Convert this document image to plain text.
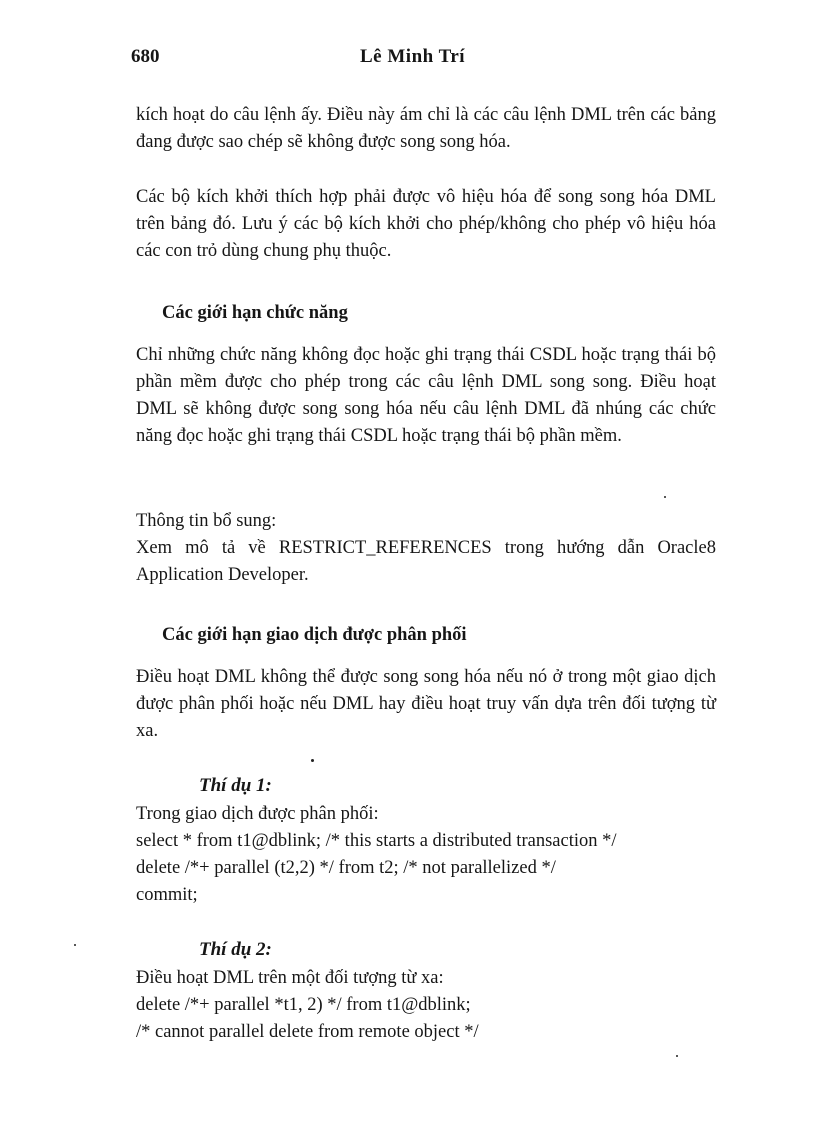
680	Lê Minh Trí
kích hoạt do câu lệnh ấy. Điều này ám chỉ là các câu lệnh DML trên các bảng đang được sao chép sẽ không được song song hóa.
Các bộ kích khởi thích hợp phải được vô hiệu hóa để song song hóa DML trên bảng đó. Lưu ý các bộ kích khởi cho phép/không cho phép vô hiệu hóa các con trỏ dùng chung phụ thuộc.
Các giới hạn chức năng
Chỉ những chức năng không đọc hoặc ghi trạng thái CSDL hoặc trạng thái bộ phần mềm được cho phép trong các câu lệnh DML song song. Điều hoạt DML sẽ không được song song hóa nếu câu lệnh DML đã nhúng các chức năng đọc hoặc ghi trạng thái CSDL hoặc trạng thái bộ phần mềm.
Thông tin bổ sung:
Xem mô tả về RESTRICT_REFERENCES trong hướng dẫn Oracle8 Application Developer.
Các giới hạn giao dịch được phân phối
Điều hoạt DML không thể được song song hóa nếu nó ở trong một giao dịch được phân phối hoặc nếu DML hay điều hoạt truy vấn dựa trên đối tượng từ xa.
Thí dụ 1:
Trong giao dịch được phân phối:
select * from t1@dblink; /* this starts a distributed transaction */
delete /*+ parallel (t2,2) */ from t2; /* not parallelized */
commit;
Thí dụ 2:
Điều hoạt DML trên một đối tượng từ xa:
delete /*+ parallel *t1, 2) */ from t1@dblink;
/* cannot parallel delete from remote object */
